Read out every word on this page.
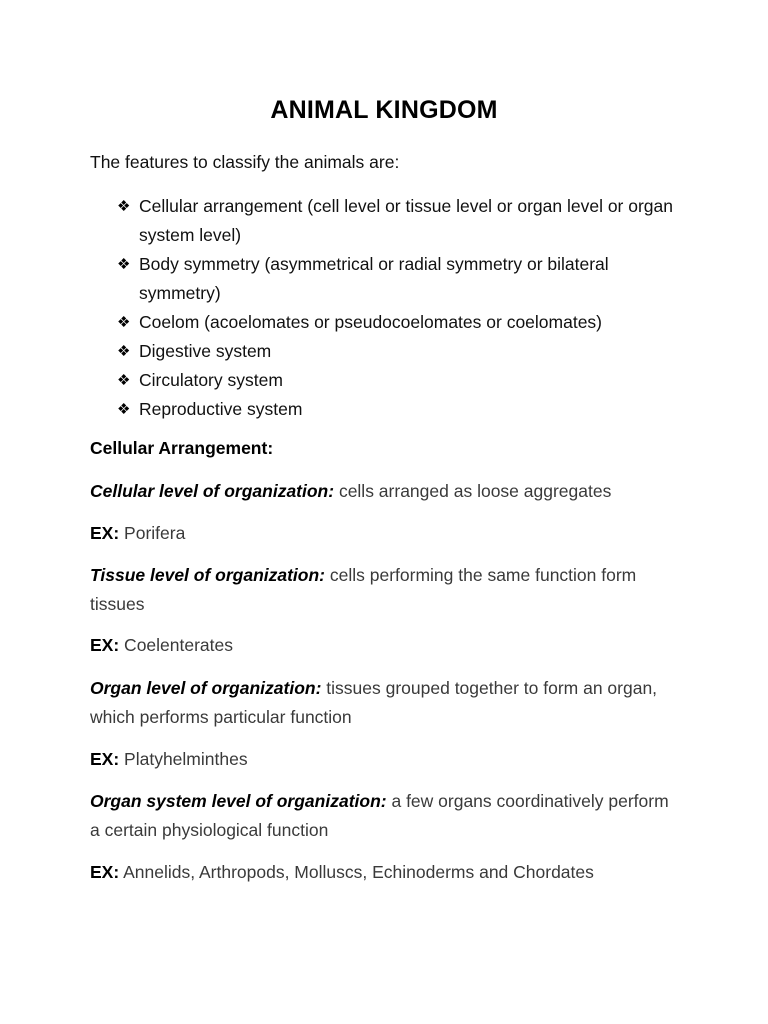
ANIMAL KINGDOM
The features to classify the animals are:
❖ Cellular arrangement (cell level or tissue level or organ level or organ system level)
❖ Body symmetry (asymmetrical or radial symmetry or bilateral symmetry)
❖ Coelom (acoelomates or pseudocoelomates or coelomates)
❖ Digestive system
❖ Circulatory system
❖ Reproductive system
Cellular Arrangement:
Cellular level of organization: cells arranged as loose aggregates
EX: Porifera
Tissue level of organization: cells performing the same function form tissues
EX: Coelenterates
Organ level of organization: tissues grouped together to form an organ, which performs particular function
EX: Platyhelminthes
Organ system level of organization: a few organs coordinatively perform a certain physiological function
EX: Annelids, Arthropods, Molluscs, Echinoderms and Chordates
